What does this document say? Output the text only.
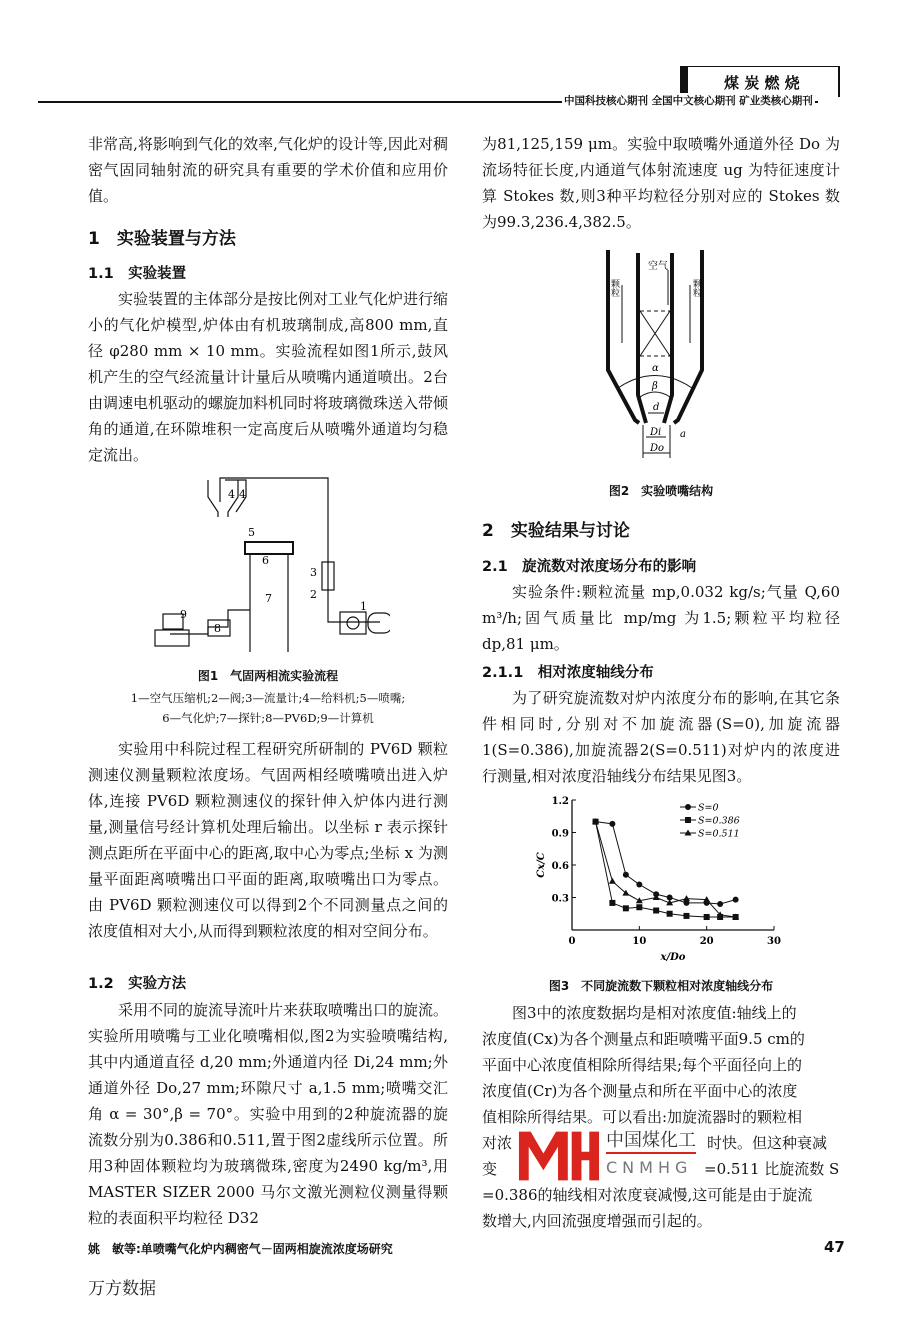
煤 炭 燃 烧
中国科技核心期刊 全国中文核心期刊 矿业类核心期刊
非常高,将影响到气化的效率,气化炉的设计等,因此对稠密气固同轴射流的研究具有重要的学术价值和应用价值。
1　实验装置与方法
1.1　实验装置
实验装置的主体部分是按比例对工业气化炉进行缩小的气化炉模型,炉体由有机玻璃制成,高800 mm,直径 φ280 mm × 10 mm。实验流程如图1所示,鼓风机产生的空气经流量计计量后从喷嘴内通道喷出。2台由调速电机驱动的螺旋加料机同时将玻璃微珠送入带倾角的通道,在环隙堆积一定高度后从喷嘴外通道均匀稳定流出。
4 4
5
6
7
8
9
3
2
1
图1　气固两相流实验流程
1—空气压缩机;2—阀;3—流量计;4—给料机;5—喷嘴;
6—气化炉;7—探针;8—PV6D;9—计算机
实验用中科院过程工程研究所研制的 PV6D 颗粒测速仪测量颗粒浓度场。气固两相经喷嘴喷出进入炉体,连接 PV6D 颗粒测速仪的探针伸入炉体内进行测量,测量信号经计算机处理后输出。以坐标 r 表示探针测点距所在平面中心的距离,取中心为零点;坐标 x 为测量平面距离喷嘴出口平面的距离,取喷嘴出口为零点。由 PV6D 颗粒测速仪可以得到2个不同测量点之间的浓度值相对大小,从而得到颗粒浓度的相对空间分布。
1.2　实验方法
采用不同的旋流导流叶片来获取喷嘴出口的旋流。实验所用喷嘴与工业化喷嘴相似,图2为实验喷嘴结构,其中内通道直径 d,20 mm;外通道内径 Di,24 mm;外通道外径 Do,27 mm;环隙尺寸 a,1.5 mm;喷嘴交汇角 α = 30°,β = 70°。实验中用到的2种旋流器的旋流数分别为0.386和0.511,置于图2虚线所示位置。所用3种固体颗粒均为玻璃微珠,密度为2490 kg/m³,用 MASTER SIZER 2000 马尔文激光测粒仪测量得颗粒的表面积平均粒径 D32
为81,125,159 μm。实验中取喷嘴外通道外径 Do 为流场特征长度,内通道气体射流速度 ug 为特征速度计算 Stokes 数,则3种平均粒径分别对应的 Stokes 数为99.3,236.4,382.5。
空气
颗粒	颗粒
α
β
d
Di
Do
a
图2　实验喷嘴结构
2　实验结果与讨论
2.1　旋流数对浓度场分布的影响
实验条件:颗粒流量 mp,0.032 kg/s;气量 Q,60 m³/h;固气质量比 mp/mg 为1.5;颗粒平均粒径 dp,81 μm。
2.1.1　相对浓度轴线分布
为了研究旋流数对炉内浓度分布的影响,在其它条件相同时,分别对不加旋流器(S=0),加旋流器1(S=0.386),加旋流器2(S=0.511)对炉内的浓度进行测量,相对浓度沿轴线分布结果见图3。
0	10	20	30
0.3
0.6
0.9
1.2
x/Do
Cx/C
S=0
S=0.386
S=0.511
图3　不同旋流数下颗粒相对浓度轴线分布
　　图3中的浓度数据均是相对浓度值:轴线上的
浓度值(Cx)为各个测量点和距喷嘴平面9.5 cm的
平面中心浓度值相除所得结果;每个平面径向上的
浓度值(Cr)为各个测量点和所在平面中心的浓度
值相除所得结果。可以看出:加旋流器时的颗粒相
对浓	时快。但这种衰减
变	=0.511 比旋流数 S
=0.386的轴线相对浓度衰减慢,这可能是由于旋流
数增大,内回流强度增强而引起的。
中国煤化工
CNMHG
姚　敏等:单喷嘴气化炉内稠密气－固两相旋流浓度场研究	47
万方数据
